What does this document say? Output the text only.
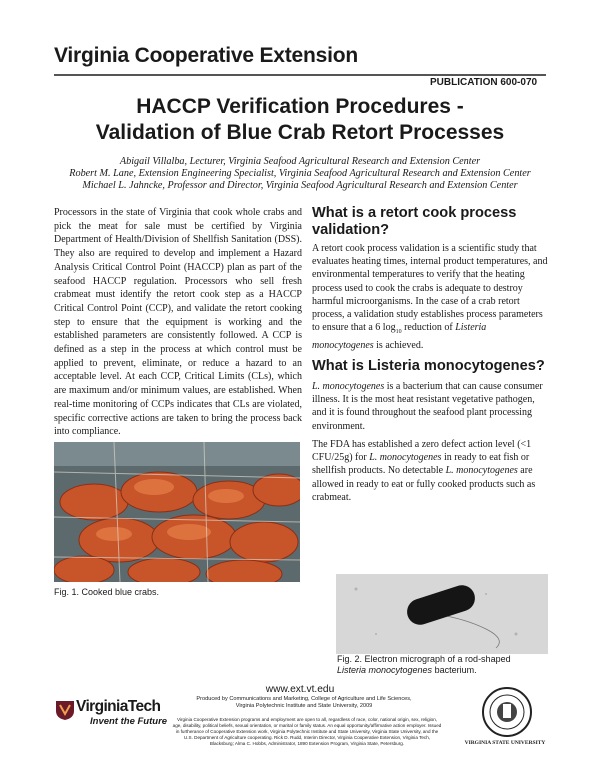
Virginia Cooperative Extension
PUBLICATION 600-070
HACCP Verification Procedures -
Validation of Blue Crab Retort Processes
Abigail Villalba, Lecturer, Virginia Seafood Agricultural Research and Extension Center
Robert M. Lane, Extension Engineering Specialist, Virginia Seafood Agricultural Research and Extension Center
Michael L. Jahncke, Professor and Director, Virginia Seafood Agricultural Research and Extension Center

Processors in the state of Virginia that cook whole crabs and pick the meat for sale must be certified by Virginia Department of Health/Division of Shellfish Sanitation (DSS). They also are required to develop and implement a Hazard Analysis Critical Control Point (HACCP) plan as part of the seafood HACCP regulation. Processors who sell fresh crabmeat must identify the retort cook step as a HACCP Critical Control Point (CCP), and validate the retort cooking step to ensure that the equipment is working and the established parameters are consistently followed. A CCP is defined as a step in the process at which control must be applied to prevent, eliminate, or reduce a hazard to an acceptable level. At each CCP, Critical Limits (CLs), which are maximum and/or minimum values, are established. When real-time monitoring of CCPs indicates that CLs are violated, specific corrective actions are taken to bring the process back into compliance.

What is a retort cook process validation?
A retort cook process validation is a scientific study that evaluates heating times, internal product temperatures, and environmental temperatures to verify that the heating process used to cook the crabs is adequate to destroy harmful microorganisms. In the case of a crab retort process, a validation study establishes process parameters to ensure that a 6 $\log_{10}$ reduction of Listeria monocytogenes is achieved.
What is Listeria monocytogenes?
L. monocytogenes is a bacterium that can cause consumer illness. It is the most heat resistant vegetative pathogen, and it is found throughout the seafood plant processing environment.
The FDA has established a zero defect action level (<1 CFU/25g) for L. monocytogenes in ready to eat fish or shellfish products. No detectable L. monocytogenes are allowed in ready to eat or fully cooked products such as crabmeat.
Fig. 1. Cooked blue crabs.
Fig. 2. Electron micrograph of a rod-shaped
Listeria monocytogenes bacterium.
www.ext.vt.edu
VirginiaTech
Invent the Future
Produced by Communications and Marketing, College of Agriculture and Life Sciences, Virginia Polytechnic Institute and State University, 2009
Virginia Cooperative Extension programs and employment are open to all, regardless of race, color, national origin, sex, religion, age, disability, political beliefs, sexual orientation, or marital or family status. An equal opportunity/affirmative action employer. Issued in furtherance of Cooperative Extension work, Virginia Polytechnic Institute and State University, Virginia State University, and the U.S. Department of Agriculture cooperating. Rick D. Rudd, Interim Director, Virginia Cooperative Extension, Virginia Tech, Blacksburg; Alma C. Hobbs, Administrator, 1890 Extension Program, Virginia State, Petersburg.	VIRGINIA STATE UNIVERSITY
